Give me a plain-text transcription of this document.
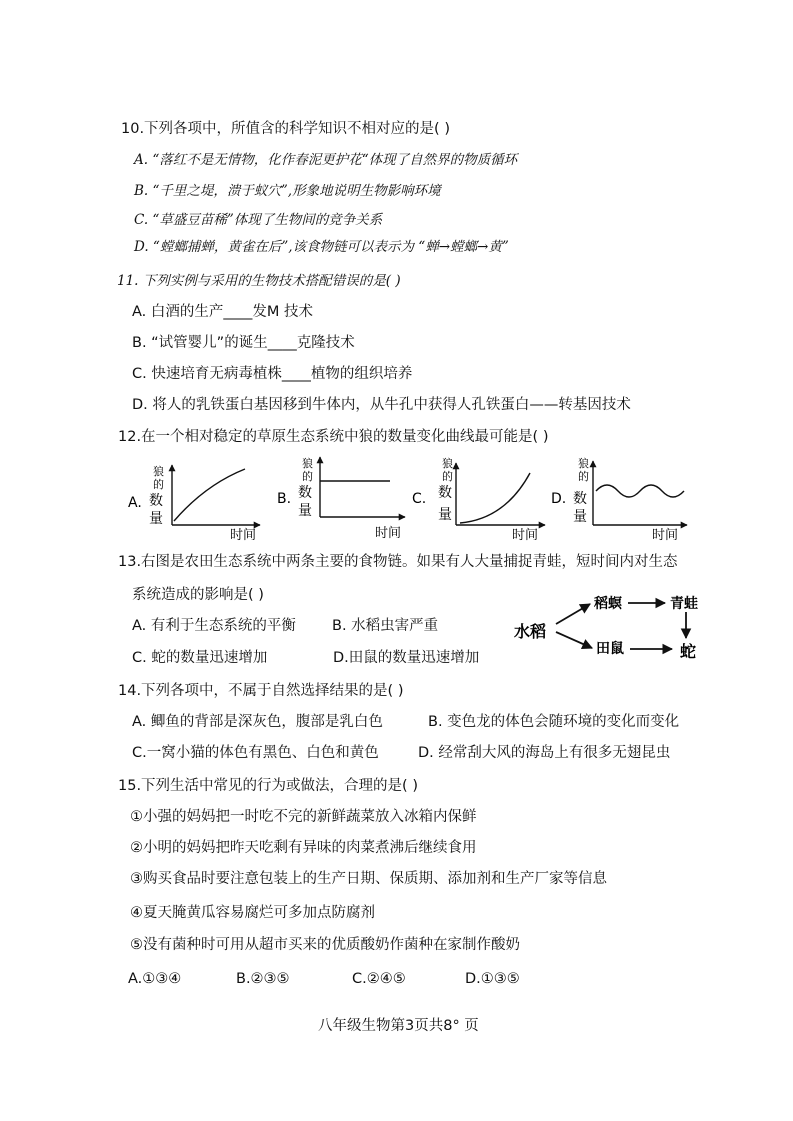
10.下列各项中，所值含的科学知识不相对应的是( )
A. “落红不是无情物，化作春泥更护花“体现了自然界的物质循环
B. “千里之堤，溃于蚁穴”,形象地说明生物影响环境
C. “草盛豆苗稀”体现了生物间的竞争关系
D. “螳螂捕蝉，黄雀在后”,该食物链可以表示为 “蝉→螳螂→黄”
11. 下列实例与采用的生物技术搭配错误的是( )
A. 白酒的生产____发M 技术
B. “试管婴儿”的诞生____克隆技术
C. 快速培育无病毒植株____植物的组织培养
D. 将人的乳铁蛋白基因移到牛体内，从牛孔中获得人孔铁蛋白——转基因技术
12.在一个相对稳定的草原生态系统中狼的数量变化曲线最可能是( )
A.
狼
的
数
量
时间
B.
狼
的
数
量
时间
C.
狼
的
数
量
时间
D.
狼
的
数
量
时间
13.右图是农田生态系统中两条主要的食物链。如果有人大量捕捉青蛙，短时间内对生态
系统造成的影响是( )
A. 有利于生态系统的平衡 B. 水稻虫害严重
C. 蛇的数量迅速增加	D.田鼠的数量迅速增加
水稻
稻螟	青蛙
田鼠	蛇
14.下列各项中，不属于自然选择结果的是( )
A. 鲫鱼的背部是深灰色，腹部是乳白色	B. 变色龙的体色会随环境的变化而变化
C.一窝小猫的体色有黑色、白色和黄色	D. 经常刮大风的海岛上有很多无翅昆虫
15.下列生活中常见的行为或做法，合理的是( )
①小强的妈妈把一时吃不完的新鲜蔬菜放入冰箱内保鲜
②小明的妈妈把昨天吃剩有异味的肉菜煮沸后继续食用
③购买食品时要注意包装上的生产日期、保质期、添加剂和生产厂家等信息
④夏天腌黄瓜容易腐烂可多加点防腐剂
⑤没有菌种时可用从超市买来的优质酸奶作菌种在家制作酸奶
A.①③④	B.②③⑤	C.②④⑤	D.①③⑤
八年级生物第3页共8° 页
